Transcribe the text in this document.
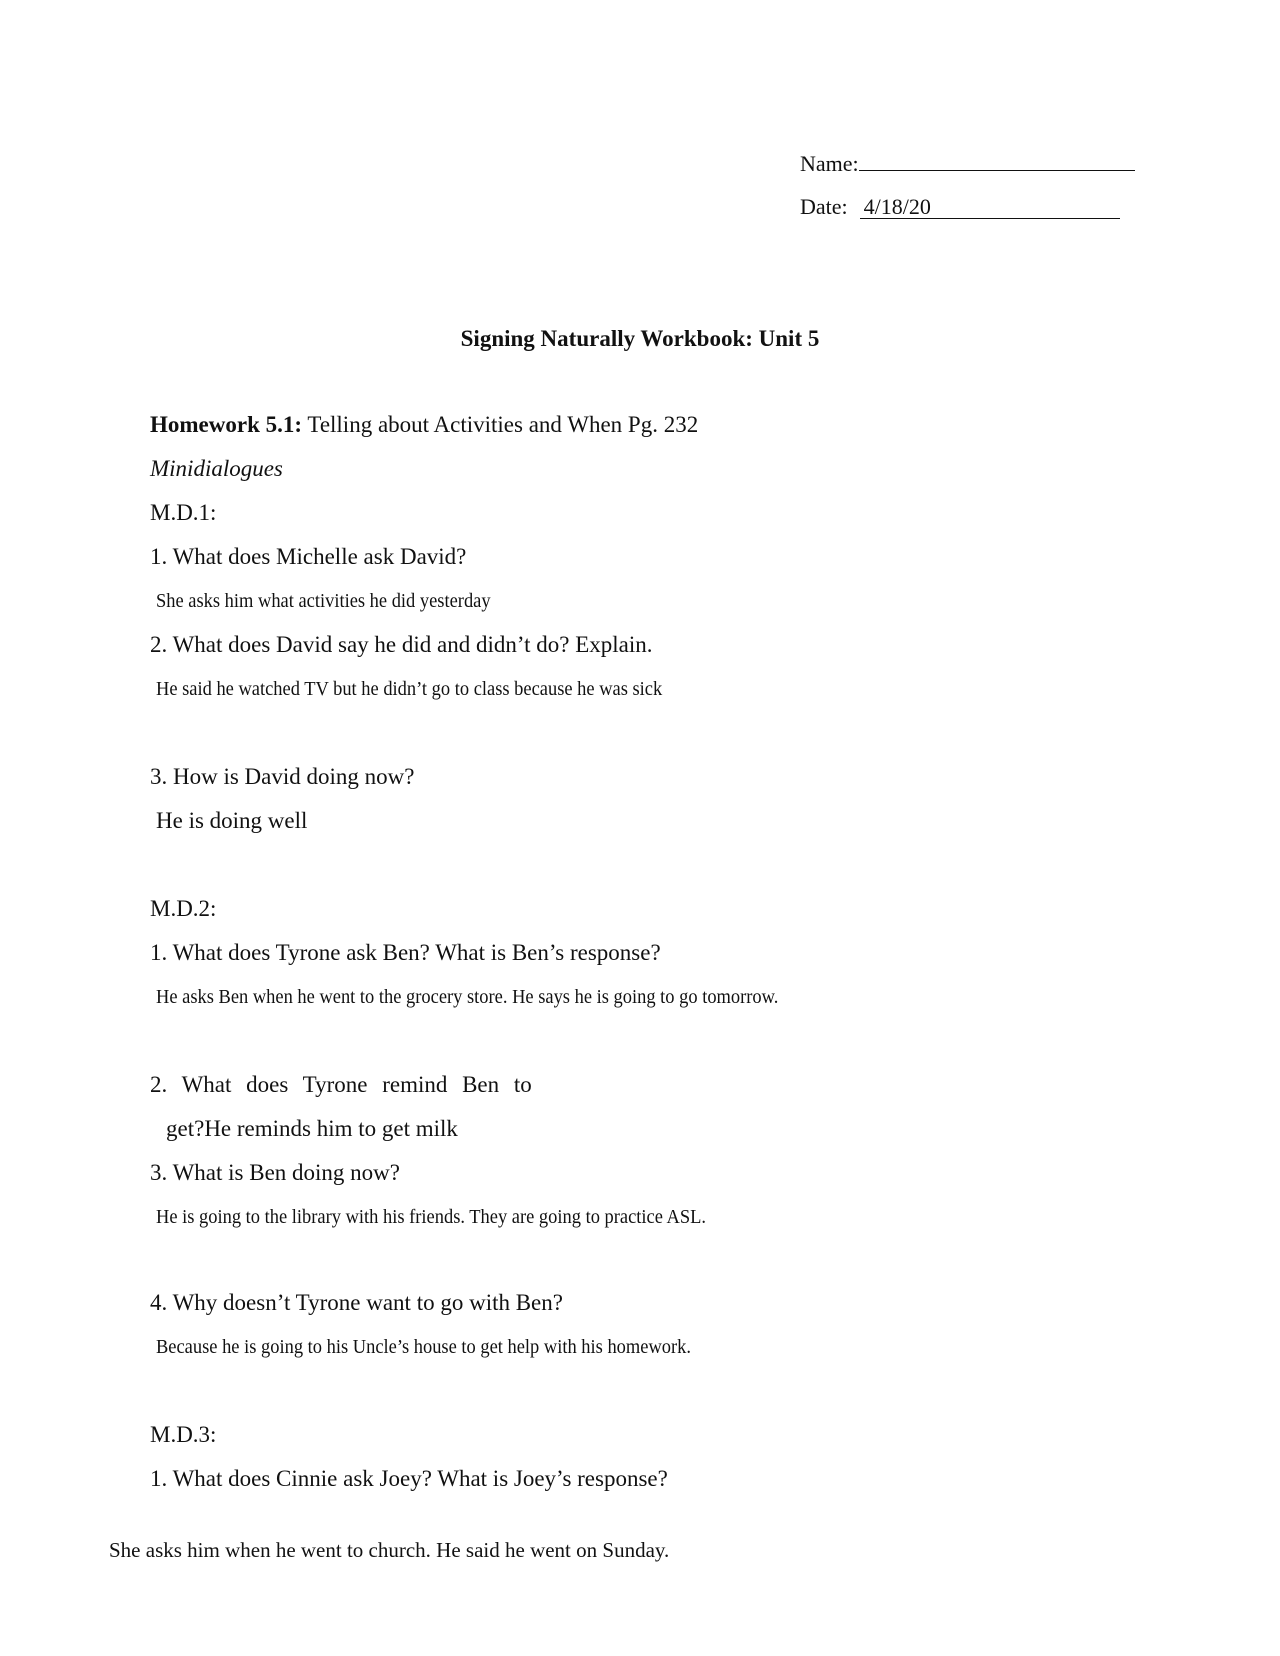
Name:
Date: 4/18/20
Signing Naturally Workbook: Unit 5

Homework 5.1: Telling about Activities and When Pg. 232

Minidialogues

M.D.1:

1. What does Michelle ask David?

She asks him what activities he did yesterday

2. What does David say he did and didn’t do? Explain.

He said he watched TV but he didn’t go to class because he was sick

3. How is David doing now?

He is doing well

M.D.2:

1. What does Tyrone ask Ben? What is Ben’s response?

He asks Ben when he went to the grocery store. He says he is going to go tomorrow.

2. What does Tyrone remind Ben to

get?He reminds him to get milk

3. What is Ben doing now?

He is going to the library with his friends. They are going to practice ASL.

4. Why doesn’t Tyrone want to go with Ben?

Because he is going to his Uncle’s house to get help with his homework.

M.D.3:

1. What does Cinnie ask Joey? What is Joey’s response?

She asks him when he went to church. He said he went on Sunday.
